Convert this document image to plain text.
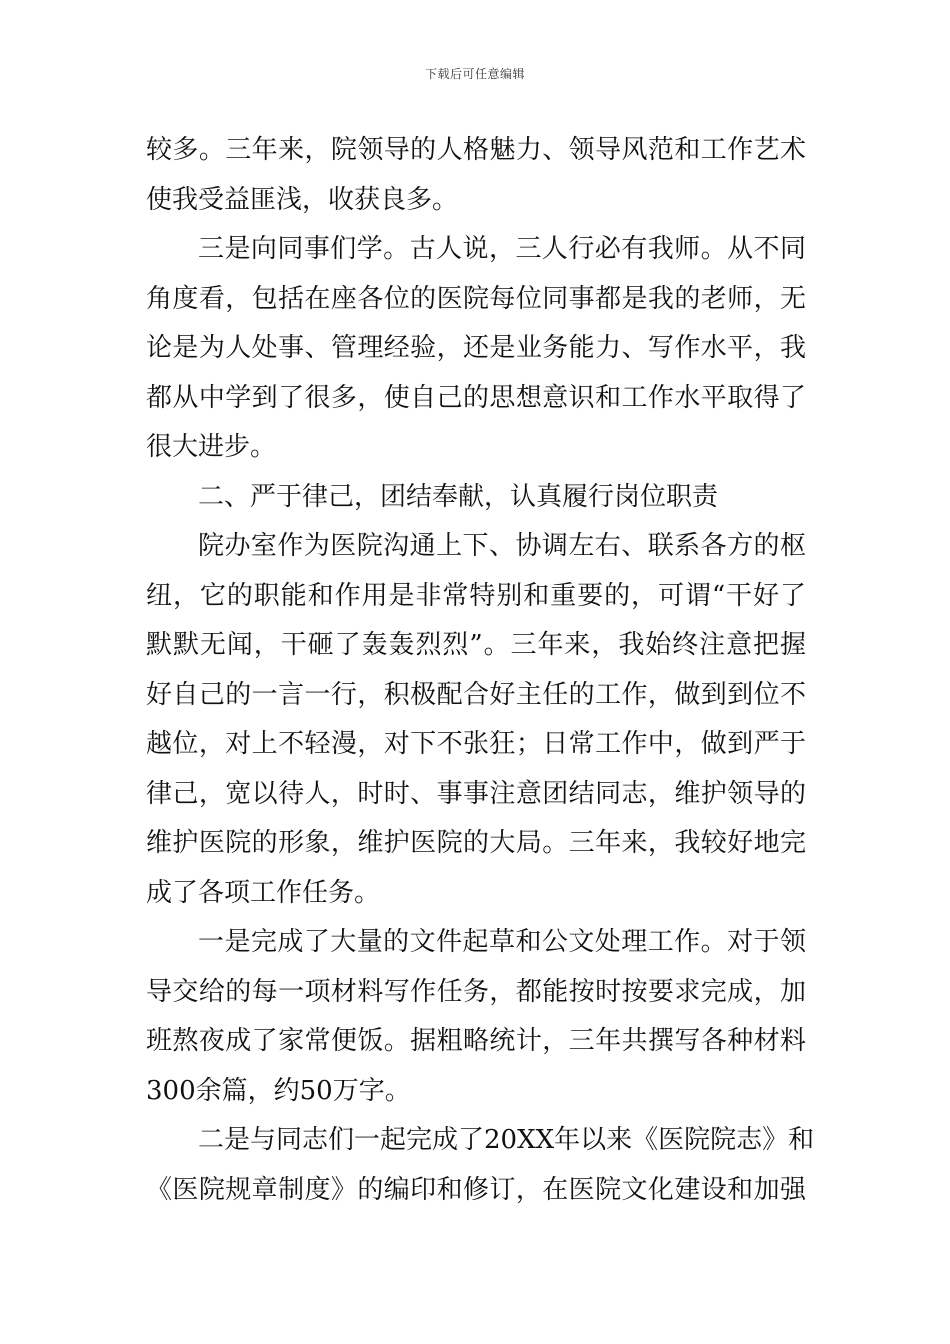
下载后可任意编辑
较多。三年来，院领导的人格魅力、领导风范和工作艺术
使我受益匪浅，收获良多。
三是向同事们学。古人说，三人行必有我师。从不同
角度看，包括在座各位的医院每位同事都是我的老师，无
论是为人处事、管理经验，还是业务能力、写作水平，我
都从中学到了很多，使自己的思想意识和工作水平取得了
很大进步。
二、严于律己，团结奉献，认真履行岗位职责
院办室作为医院沟通上下、协调左右、联系各方的枢
纽，它的职能和作用是非常特别和重要的，可谓“干好了
默默无闻，干砸了轰轰烈烈”。三年来，我始终注意把握
好自己的一言一行，积极配合好主任的工作，做到到位不
越位，对上不轻漫，对下不张狂；日常工作中，做到严于
律己，宽以待人，时时、事事注意团结同志，维护领导的
维护医院的形象，维护医院的大局。三年来，我较好地完
成了各项工作任务。
一是完成了大量的文件起草和公文处理工作。对于领
导交给的每一项材料写作任务，都能按时按要求完成，加
班熬夜成了家常便饭。据粗略统计，三年共撰写各种材料
300余篇，约50万字。
二是与同志们一起完成了20XX年以来《医院院志》和
《医院规章制度》的编印和修订，在医院文化建设和加强
